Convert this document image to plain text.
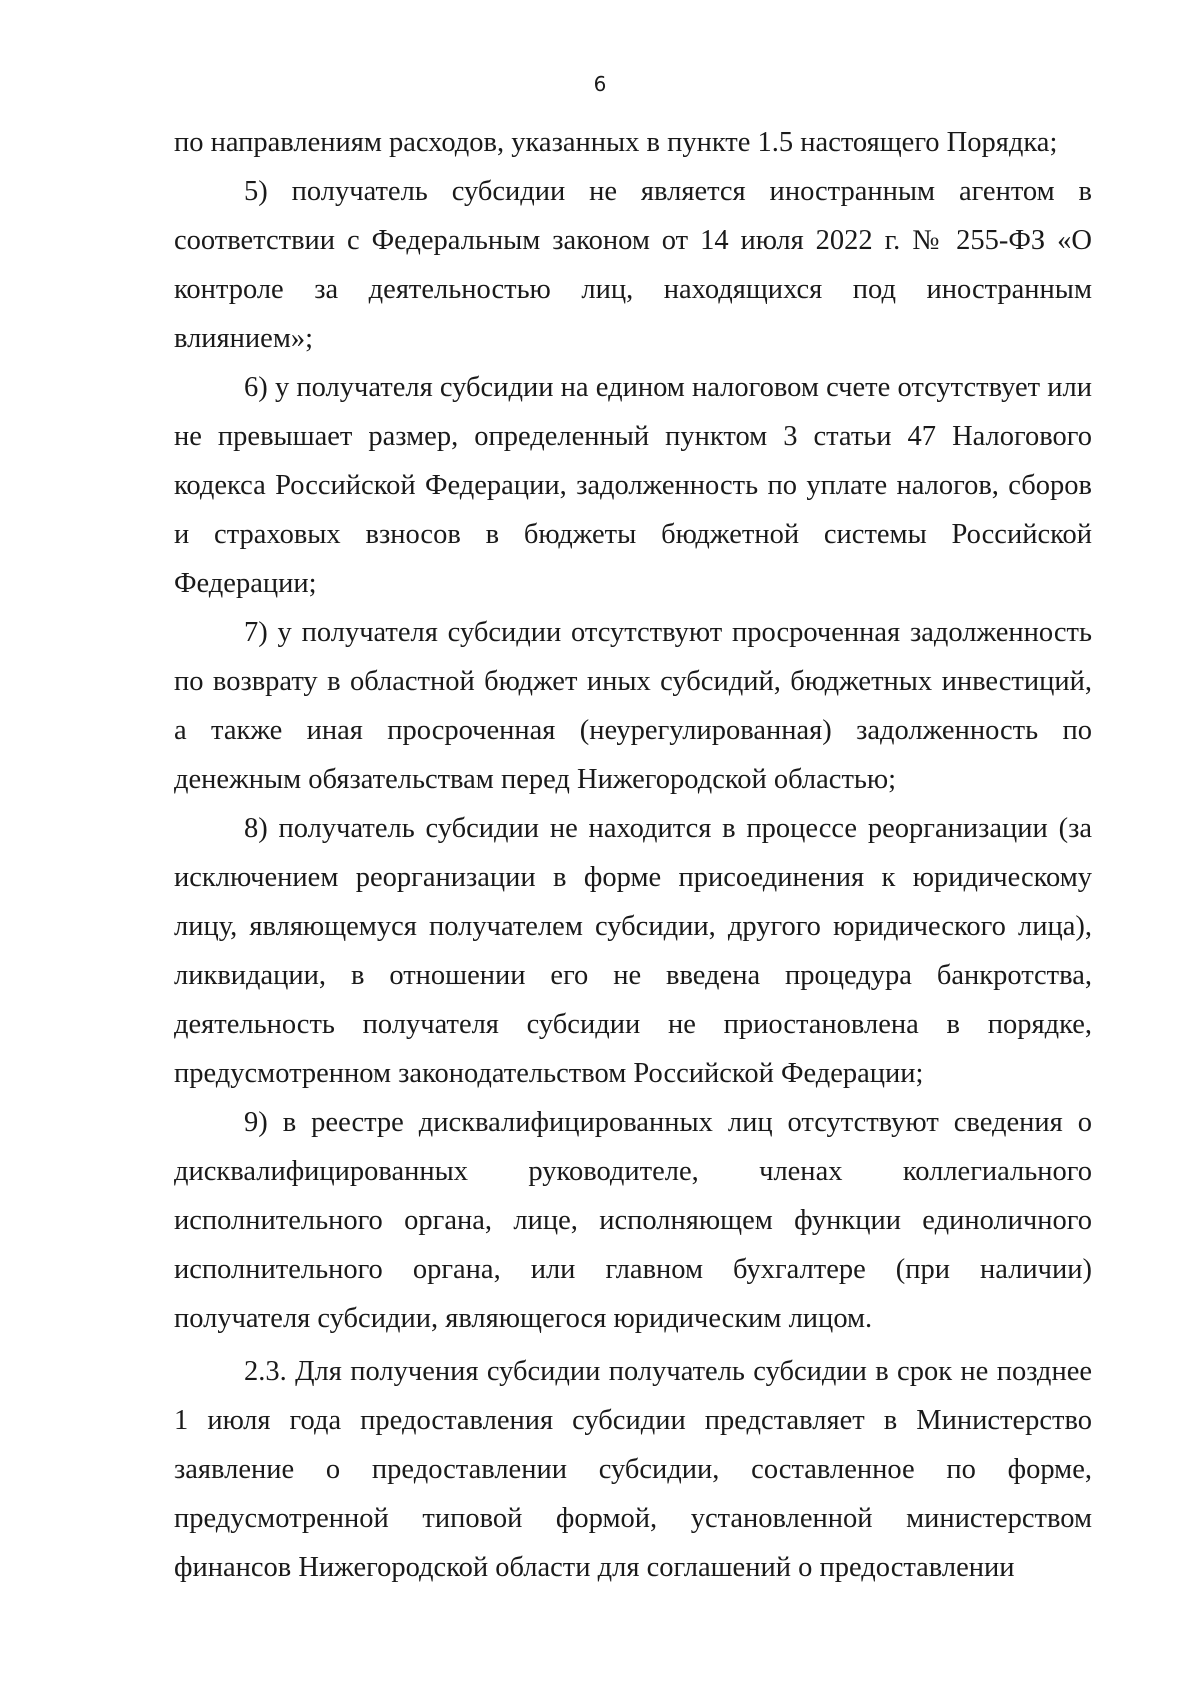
6

по направлениям расходов, указанных в пункте 1.5 настоящего Порядка;

5) получатель субсидии не является иностранным агентом в соответствии с Федеральным законом от 14 июля 2022 г. № 255-ФЗ «О контроле за деятельностью лиц, находящихся под иностранным влиянием»;

6) у получателя субсидии на едином налоговом счете отсутствует или не превышает размер, определенный пунктом 3 статьи 47 Налогового кодекса Российской Федерации, задолженность по уплате налогов, сборов и страховых взносов в бюджеты бюджетной системы Российской Федерации;

7) у получателя субсидии отсутствуют просроченная задолженность по возврату в областной бюджет иных субсидий, бюджетных инвестиций, а также иная просроченная (неурегулированная) задолженность по денежным обязательствам перед Нижегородской областью;

8) получатель субсидии не находится в процессе реорганизации (за исключением реорганизации в форме присоединения к юридическому лицу, являющемуся получателем субсидии, другого юридического лица), ликвидации, в отношении его не введена процедура банкротства, деятельность получателя субсидии не приостановлена в порядке, предусмотренном законодательством Российской Федерации;

9) в реестре дисквалифицированных лиц отсутствуют сведения о дисквалифицированных руководителе, членах коллегиального исполнительного органа, лице, исполняющем функции единоличного исполнительного органа, или главном бухгалтере (при наличии) получателя субсидии, являющегося юридическим лицом.

2.3. Для получения субсидии получатель субсидии в срок не позднее 1 июля года предоставления субсидии представляет в Министерство заявление о предоставлении субсидии, составленное по форме, предусмотренной типовой формой, установленной министерством финансов Нижегородской области для соглашений о предоставлении
